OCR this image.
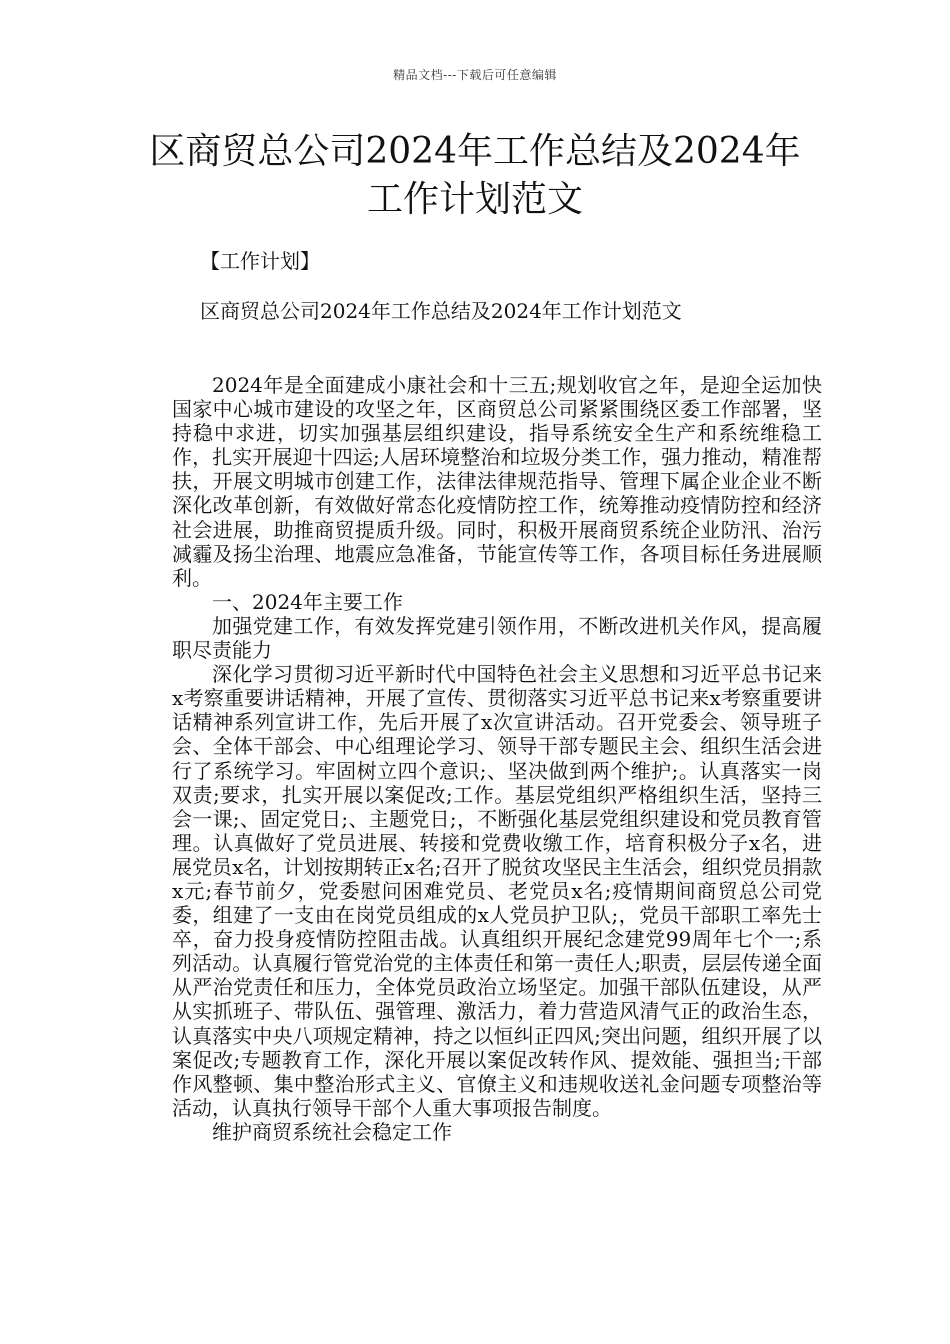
精品文档---下载后可任意编辑
区商贸总公司2024年工作总结及2024年工作计划范文
【工作计划】
区商贸总公司2024年工作总结及2024年工作计划范文

2024年是全面建成小康社会和十三五;规划收官之年，是迎全运加快国家中心城市建设的攻坚之年，区商贸总公司紧紧围绕区委工作部署，坚持稳中求进，切实加强基层组织建设，指导系统安全生产和系统维稳工作，扎实开展迎十四运;人居环境整治和垃圾分类工作，强力推动，精准帮扶，开展文明城市创建工作，法律法律规范指导、管理下属企业企业不断深化改革创新，有效做好常态化疫情防控工作，统筹推动疫情防控和经济社会进展，助推商贸提质升级。同时，积极开展商贸系统企业防汛、治污减霾及扬尘治理、地震应急准备，节能宣传等工作，各项目标任务进展顺利。

一、2024年主要工作

加强党建工作，有效发挥党建引领作用，不断改进机关作风，提高履职尽责能力

深化学习贯彻习近平新时代中国特色社会主义思想和习近平总书记来x考察重要讲话精神，开展了宣传、贯彻落实习近平总书记来x考察重要讲话精神系列宣讲工作，先后开展了x次宣讲活动。召开党委会、领导班子会、全体干部会、中心组理论学习、领导干部专题民主会、组织生活会进行了系统学习。牢固树立四个意识;、坚决做到两个维护;。认真落实一岗双责;要求，扎实开展以案促改;工作。基层党组织严格组织生活，坚持三会一课;、固定党日;、主题党日;，不断强化基层党组织建设和党员教育管理。认真做好了党员进展、转接和党费收缴工作，培育积极分子x名，进展党员x名，计划按期转正x名;召开了脱贫攻坚民主生活会，组织党员捐款x元;春节前夕，党委慰问困难党员、老党员x名;疫情期间商贸总公司党委，组建了一支由在岗党员组成的x人党员护卫队;，党员干部职工率先士卒，奋力投身疫情防控阻击战。认真组织开展纪念建党99周年七个一;系列活动。认真履行管党治党的主体责任和第一责任人;职责，层层传递全面从严治党责任和压力，全体党员政治立场坚定。加强干部队伍建设，从严从实抓班子、带队伍、强管理、激活力，着力营造风清气正的政治生态，认真落实中央八项规定精神，持之以恒纠正四风;突出问题，组织开展了以案促改;专题教育工作，深化开展以案促改转作风、提效能、强担当;干部作风整顿、集中整治形式主义、官僚主义和违规收送礼金问题专项整治等活动，认真执行领导干部个人重大事项报告制度。

维护商贸系统社会稳定工作
